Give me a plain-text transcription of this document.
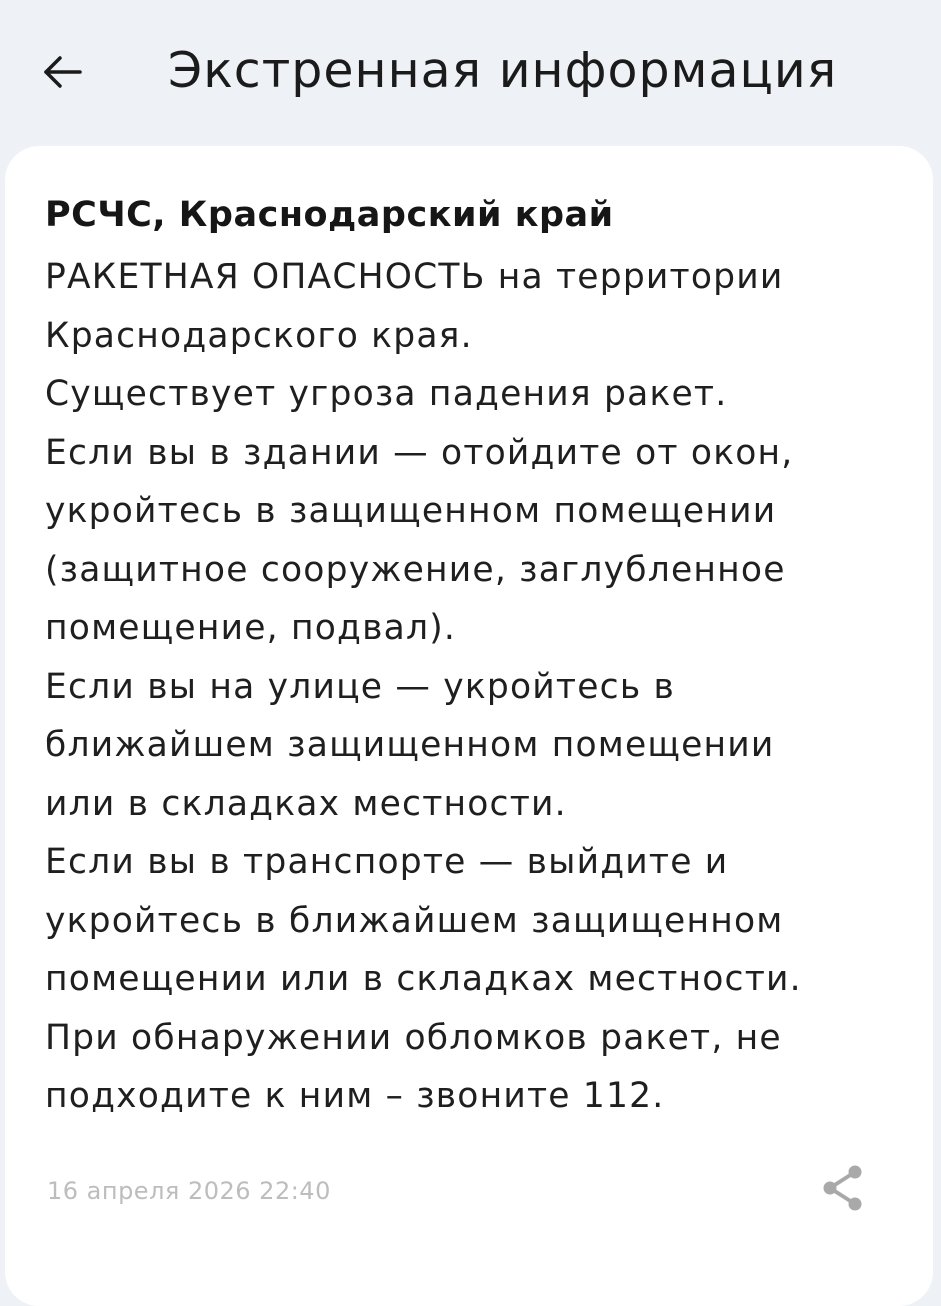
Экстренная информация
РСЧС, Краснодарский край
РАКЕТНАЯ ОПАСНОСТЬ на территории
Краснодарского края.
Существует угроза падения ракет.
Если вы в здании — отойдите от окон,
укройтесь в защищенном помещении
(защитное сооружение, заглубленное
помещение, подвал).
Если вы на улице — укройтесь в
ближайшем защищенном помещении
или в складках местности.
Если вы в транспорте — выйдите и
укройтесь в ближайшем защищенном
помещении или в складках местности.
При обнаружении обломков ракет, не
подходите к ним – звоните 112.
16 апреля 2026 22:40
